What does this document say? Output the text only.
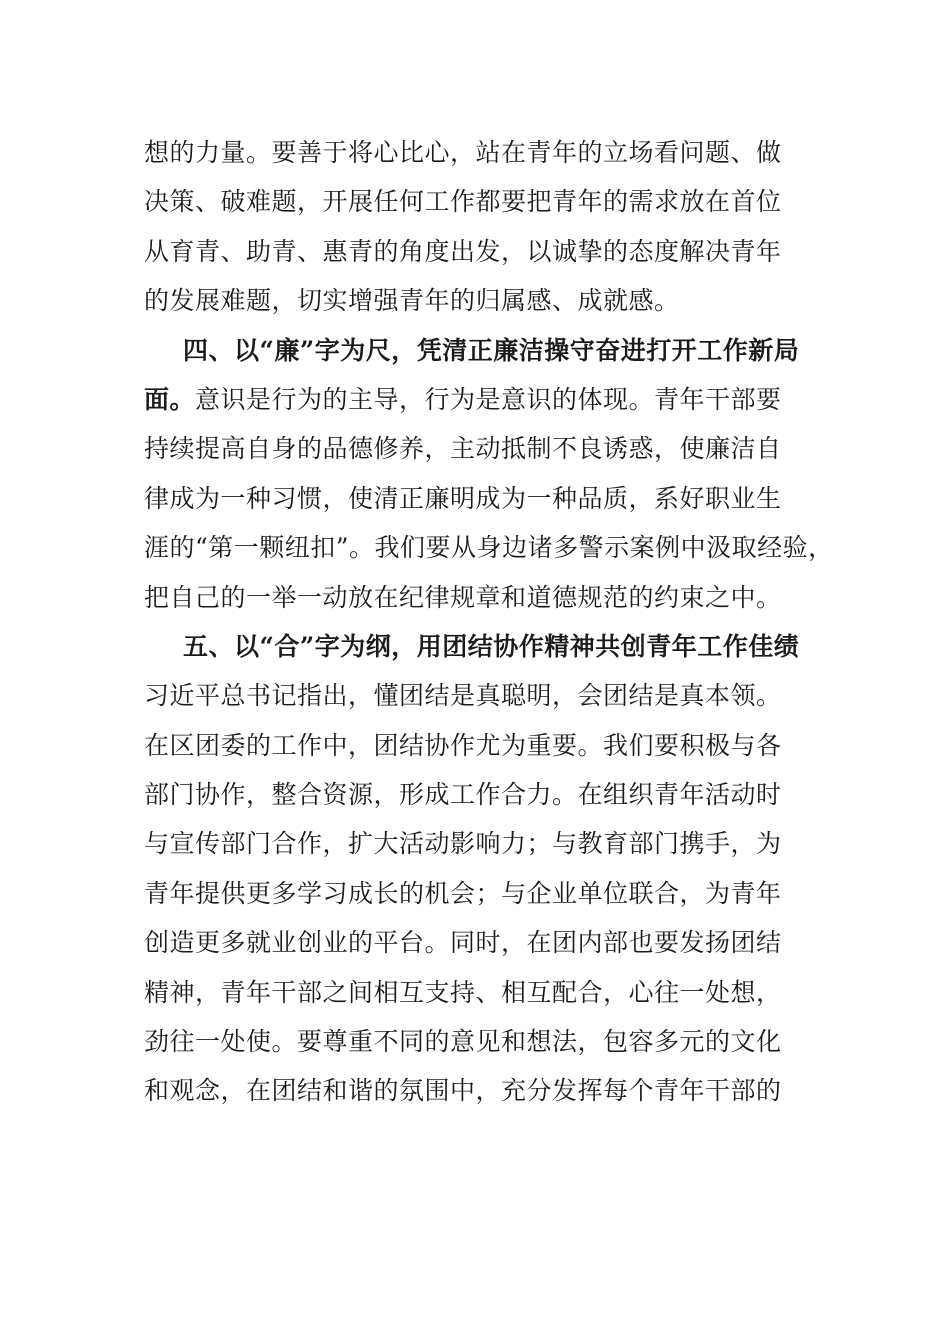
想的力量。要善于将心比心，站在青年的立场看问题、做
决策、破难题，开展任何工作都要把青年的需求放在首位
从育青、助青、惠青的角度出发，以诚挚的态度解决青年
的发展难题，切实增强青年的归属感、成就感。
四、以“廉”字为尺，凭清正廉洁操守奋进打开工作新局
面。意识是行为的主导，行为是意识的体现。青年干部要
持续提高自身的品德修养，主动抵制不良诱惑，使廉洁自
律成为一种习惯，使清正廉明成为一种品质，系好职业生
涯的“第一颗纽扣”。我们要从身边诸多警示案例中汲取经验，
把自己的一举一动放在纪律规章和道德规范的约束之中。
五、以“合”字为纲，用团结协作精神共创青年工作佳绩
习近平总书记指出，懂团结是真聪明，会团结是真本领。
在区团委的工作中，团结协作尤为重要。我们要积极与各
部门协作，整合资源，形成工作合力。在组织青年活动时
与宣传部门合作，扩大活动影响力；与教育部门携手，为
青年提供更多学习成长的机会；与企业单位联合，为青年
创造更多就业创业的平台。同时，在团内部也要发扬团结
精神，青年干部之间相互支持、相互配合，心往一处想，
劲往一处使。要尊重不同的意见和想法，包容多元的文化
和观念，在团结和谐的氛围中，充分发挥每个青年干部的
